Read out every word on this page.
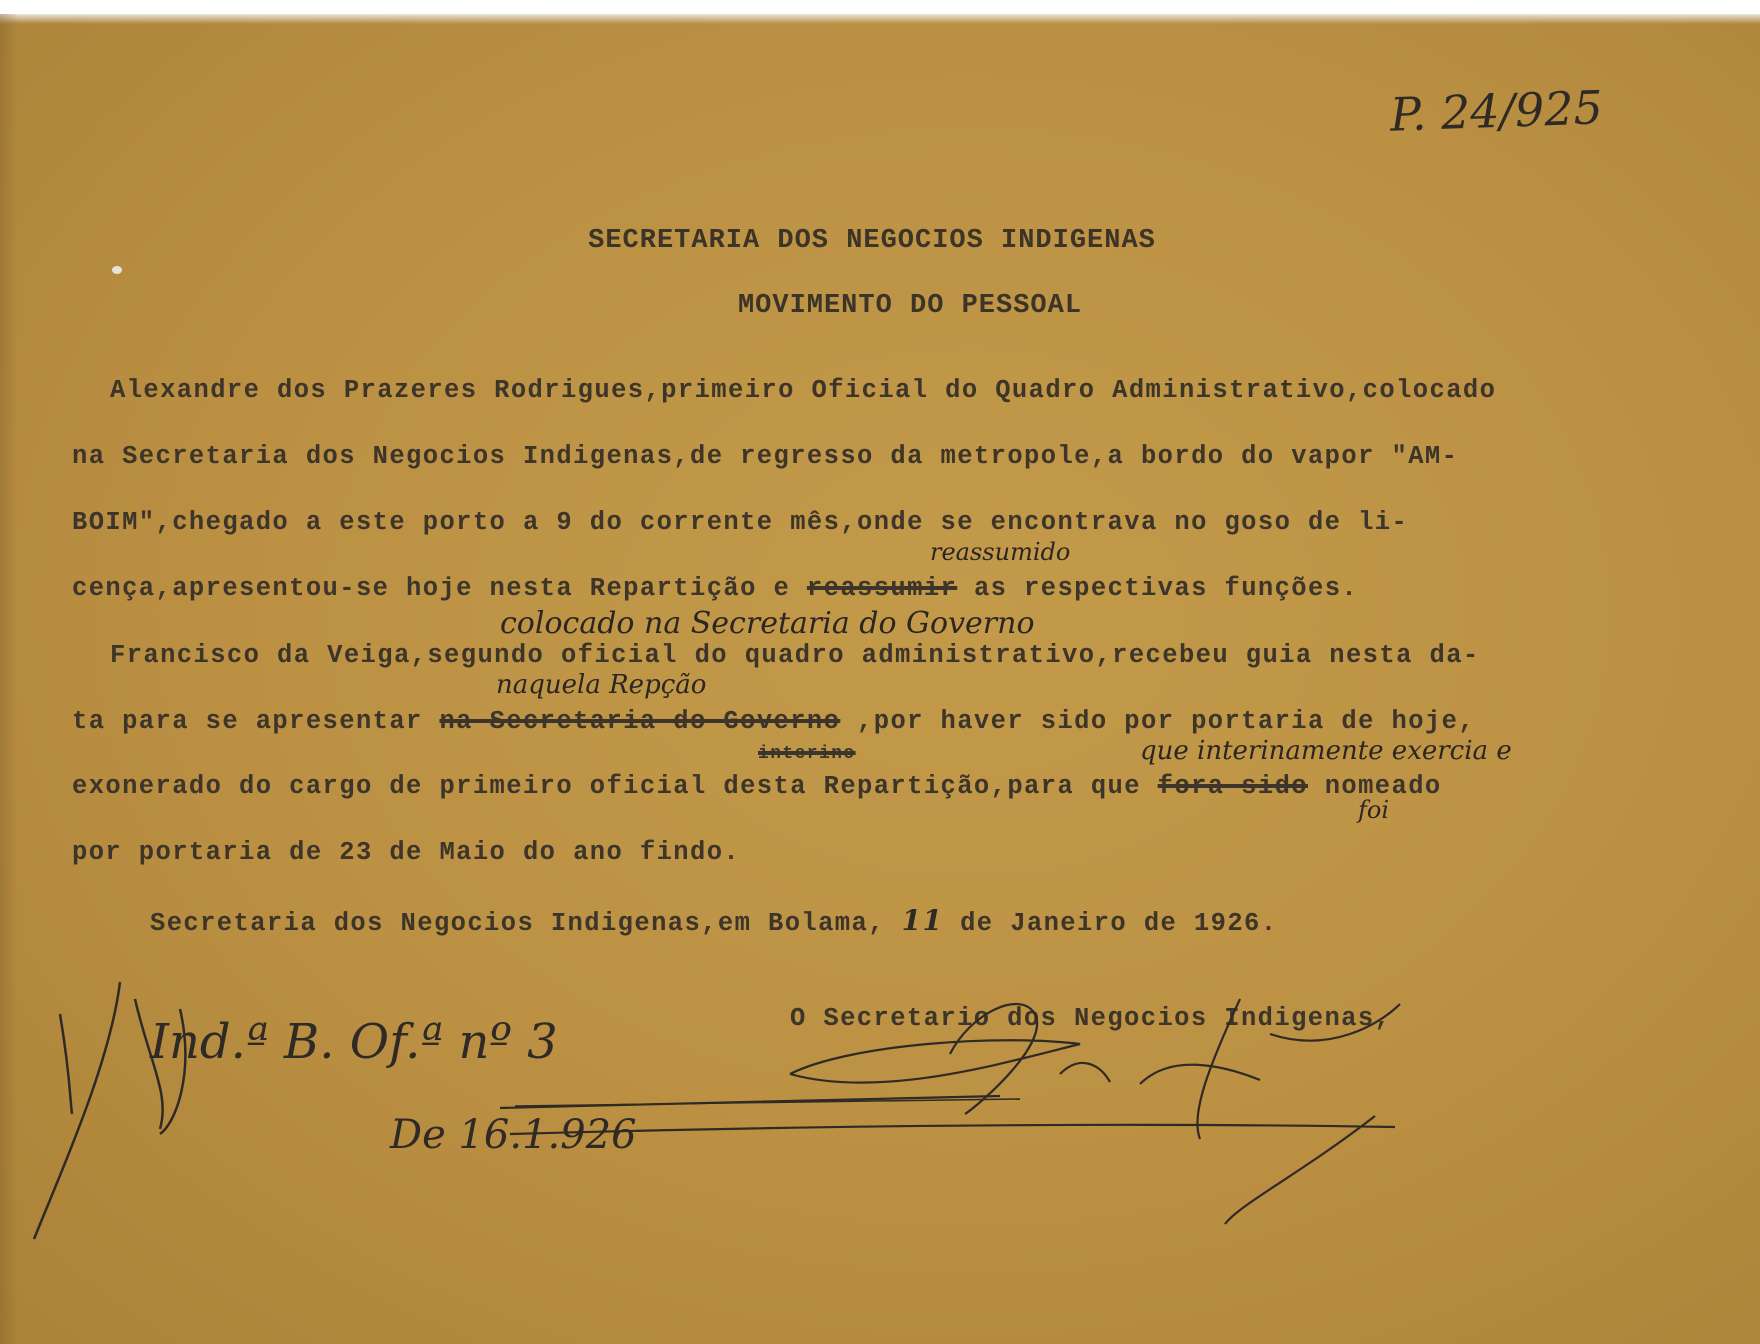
P. 24/925
SECRETARIA DOS NEGOCIOS INDIGENAS
MOVIMENTO DO PESSOAL
Alexandre dos Prazeres Rodrigues,primeiro Oficial do Quadro Administrativo,colocado
na Secretaria dos Negocios Indigenas,de regresso da metropole,a bordo do vapor "AM-
BOIM",chegado a este porto a 9 do corrente mês,onde se encontrava no goso de li-
reassumido
cença,apresentou-se hoje nesta Repartição e reassumir as respectivas funções.
colocado na Secretaria do Governo
Francisco da Veiga,segundo oficial do quadro administrativo,recebeu guia nesta da-
naquela Repção
ta para se apresentar na Secretaria do Governo ,por haver sido por portaria de hoje,
interino	que interinamente exercia e
exonerado do cargo de primeiro oficial desta Repartição,para que fora sido nomeado
foi
por portaria de 23 de Maio do ano findo.
Secretaria dos Negocios Indigenas,em Bolama, 11 de Janeiro de 1926.
O Secretario dos Negocios Indigenas,
Ind.ª B. Of.ª nº 3
De 16.1.926
